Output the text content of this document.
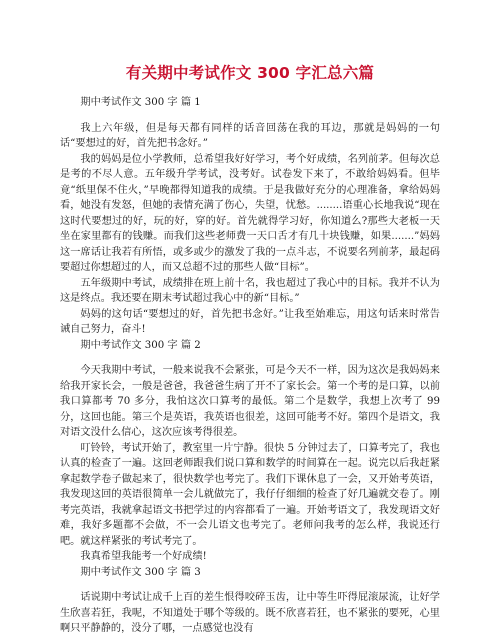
有关期中考试作文 300 字汇总六篇
期中考试作文 300 字 篇 1
我上六年级，但是每天都有同样的话音回荡在我的耳边，那就是妈妈的一句话“要想过的好，首先把书念好。”
我的妈妈是位小学教师，总希望我好好学习，考个好成绩，名列前茅。但每次总是考的不尽人意。五年级升学考试，没考好。试卷发下来了，不敢给妈妈看。但毕竟“纸里保不住火，”早晚都得知道我的成绩。于是我做好充分的心理准备，拿给妈妈看，她没有发怒，但她的表情充满了伤心，失望，忧愁。........语重心长地我说“现在这时代要想过的好，玩的好，穿的好。首先就得学习好，你知道么?那些大老板一天坐在家里都有的钱赚。而我们这些老师费一天口舌才有几十块钱赚，如果.......”妈妈这一席话让我若有所悟，或多或少的激发了我的一点斗志，不说要名列前茅，最起码要超过你想超过的人，而又总超不过的那些人做“目标”。
五年级期中考试，成绩排在班上前十名，我也超过了我心中的目标。我并不认为这是终点。我还要在期末考试超过我心中的新“目标。”
妈妈的这句话“要想过的好，首先把书念好。”让我至始难忘，用这句话来时常告诫自己努力，奋斗!
期中考试作文 300 字 篇 2
今天我期中考试，一般来说我不会紧张，可是今天不一样，因为这次是我妈妈来给我开家长会，一般是爸爸，我爸爸生病了开不了家长会。第一个考的是口算，以前我口算都考 70 多分，我怕这次口算考的最低。第二个是数学，我想上次考了 99 分，这回也能。第三个是英语，我英语也很差，这回可能考不好。第四个是语文，我对语文没什么信心，这次应该考得很差。
叮铃铃，考试开始了，教室里一片宁静。很快 5 分钟过去了，口算考完了，我也认真的检查了一遍。这回老师跟我们说口算和数学的时间算在一起。说完以后我赶紧拿起数学卷子做起来了，很快数学也考完了。我们下课休息了一会，又开始考英语，我发现这回的英语很简单一会儿就做完了，我仔仔细细的检查了好几遍就交卷了。刚考完英语，我就拿起语文书把学过的内容都看了一遍。开始考语文了，我发现语文好难，我好多题都不会做，不一会儿语文也考完了。老师问我考的怎么样，我说还行吧。就这样紧张的考试考完了。
我真希望我能考一个好成绩!
期中考试作文 300 字 篇 3
话说期中考试让成千上百的差生恨得咬碎玉齿，让中等生吓得屁滚尿流，让好学生欣喜若狂，我呢，不知道处于哪个等级的。既不欣喜若狂，也不紧张的要死，心里啊只平静静的，没分了哪，一点感觉也没有
